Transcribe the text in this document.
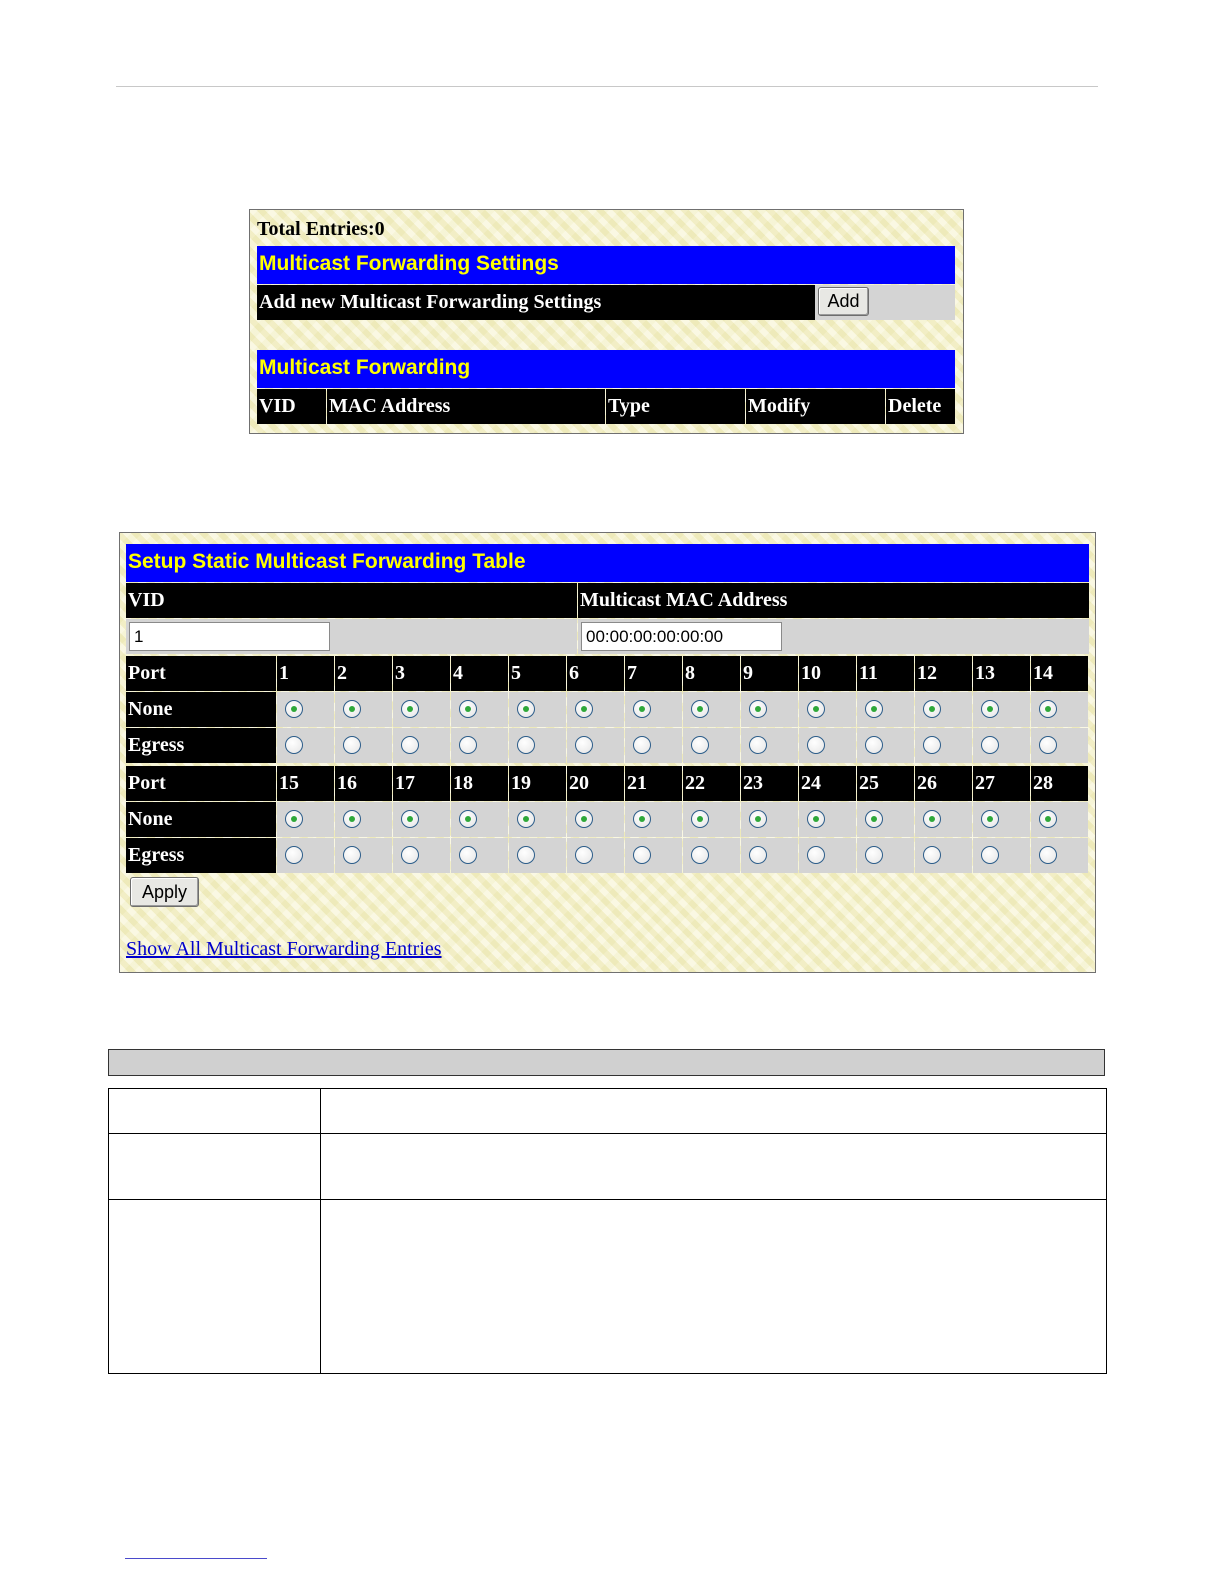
Total Entries:0
Multicast Forwarding Settings
Add new Multicast Forwarding Settings	Add
Multicast Forwarding
VID	MAC Address	Type	Modify	Delete
Setup Static Multicast Forwarding Table
VID	Multicast MAC Address
1
00:00:00:00:00:00
Port	1	2	3	4	5	6	7	8	9	10	11	12	13	14
None
Egress
Port	15	16	17	18	19	20	21	22	23	24	25	26	27	28
None
Egress
Apply
Show All Multicast Forwarding Entries
